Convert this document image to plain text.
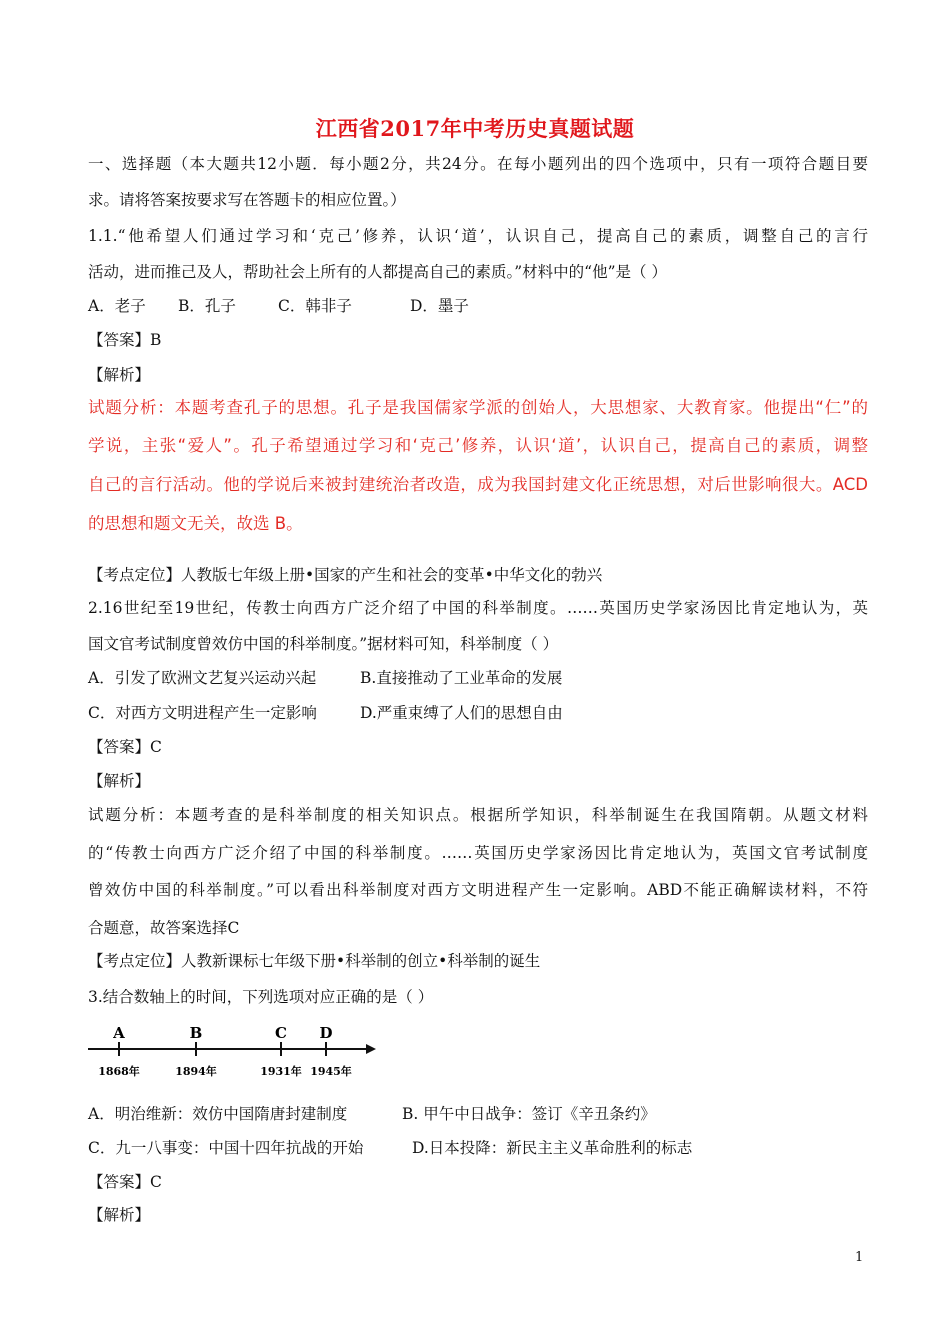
江西省2017年中考历史真题试题
一、选择题（本大题共12小题．每小题2分，共24分。在每小题列出的四个选项中，只有一项符合题目要
求。请将答案按要求写在答题卡的相应位置。）
1.1.“他希望人们通过学习和‘克己’修养，认识‘道’，认识自己，提高自己的素质，调整自己的言行
活动，进而推己及人，帮助社会上所有的人都提高自己的素质。”材料中的“他”是（ ）
A．老子 B．孔子	C．韩非子	D．墨子
【答案】B
【解析】
试题分析：本题考查孔子的思想。孔子是我国儒家学派的创始人，大思想家、大教育家。他提出“仁”的
学说，主张“爱人”。孔子希望通过学习和‘克己’修养，认识‘道’，认识自己，提高自己的素质，调整
自己的言行活动。他的学说后来被封建统治者改造，成为我国封建文化正统思想，对后世影响很大。ACD
的思想和题文无关，故选 B。
【考点定位】人教版七年级上册•国家的产生和社会的变革•中华文化的勃兴
2.16世纪至19世纪，传教士向西方广泛介绍了中国的科举制度。……英国历史学家汤因比肯定地认为，英
国文官考试制度曾效仿中国的科举制度。”据材料可知，科举制度（ ）
A．引发了欧洲文艺复兴运动兴起	B.直接推动了工业革命的发展
C．对西方文明进程产生一定影响	D.严重束缚了人们的思想自由
【答案】C
【解析】
试题分析：本题考查的是科举制度的相关知识点。根据所学知识，科举制诞生在我国隋朝。从题文材料
的“传教士向西方广泛介绍了中国的科举制度。……英国历史学家汤因比肯定地认为，英国文官考试制度
曾效仿中国的科举制度。”可以看出科举制度对西方文明进程产生一定影响。ABD不能正确解读材料，不符
合题意，故答案选择C
【考点定位】人教新课标七年级下册•科举制的创立•科举制的诞生
3.结合数轴上的时间，下列选项对应正确的是（ ）
A	B	C D
1868年	1894年	1931年 1945年
A．明治维新：效仿中国隋唐封建制度	B. 甲午中日战争：签订《辛丑条约》
C．九一八事变：中国十四年抗战的开始	D.日本投降：新民主主义革命胜利的标志
【答案】C
【解析】
1
